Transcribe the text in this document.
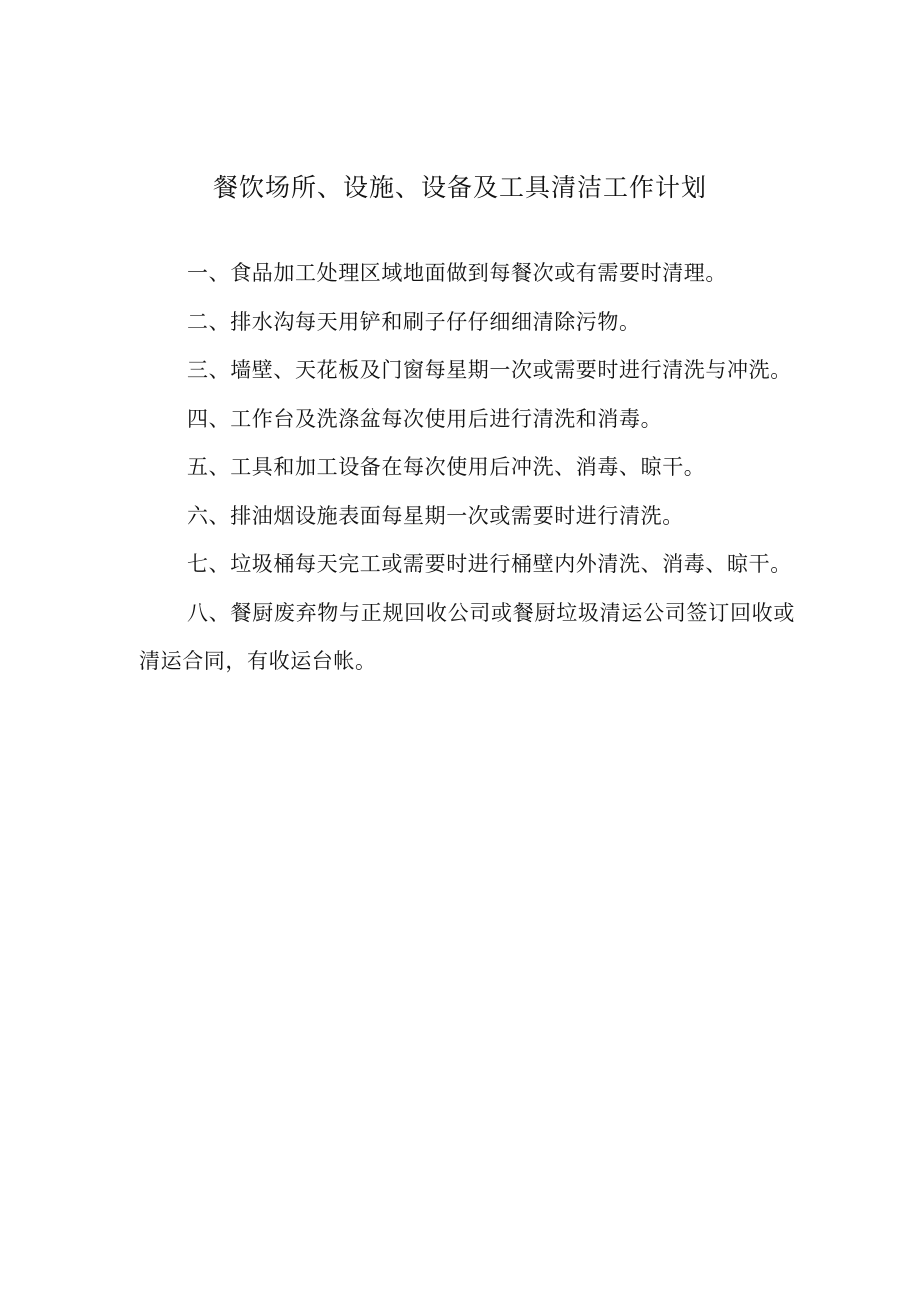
餐饮场所、设施、设备及工具清洁工作计划

一、食品加工处理区域地面做到每餐次或有需要时清理。

二、排水沟每天用铲和刷子仔仔细细清除污物。

三、墙壁、天花板及门窗每星期一次或需要时进行清洗与冲洗。

四、工作台及洗涤盆每次使用后进行清洗和消毒。

五、工具和加工设备在每次使用后冲洗、消毒、晾干。

六、排油烟设施表面每星期一次或需要时进行清洗。

七、垃圾桶每天完工或需要时进行桶壁内外清洗、消毒、晾干。

八、餐厨废弃物与正规回收公司或餐厨垃圾清运公司签订回收或清运合同，有收运台帐。
